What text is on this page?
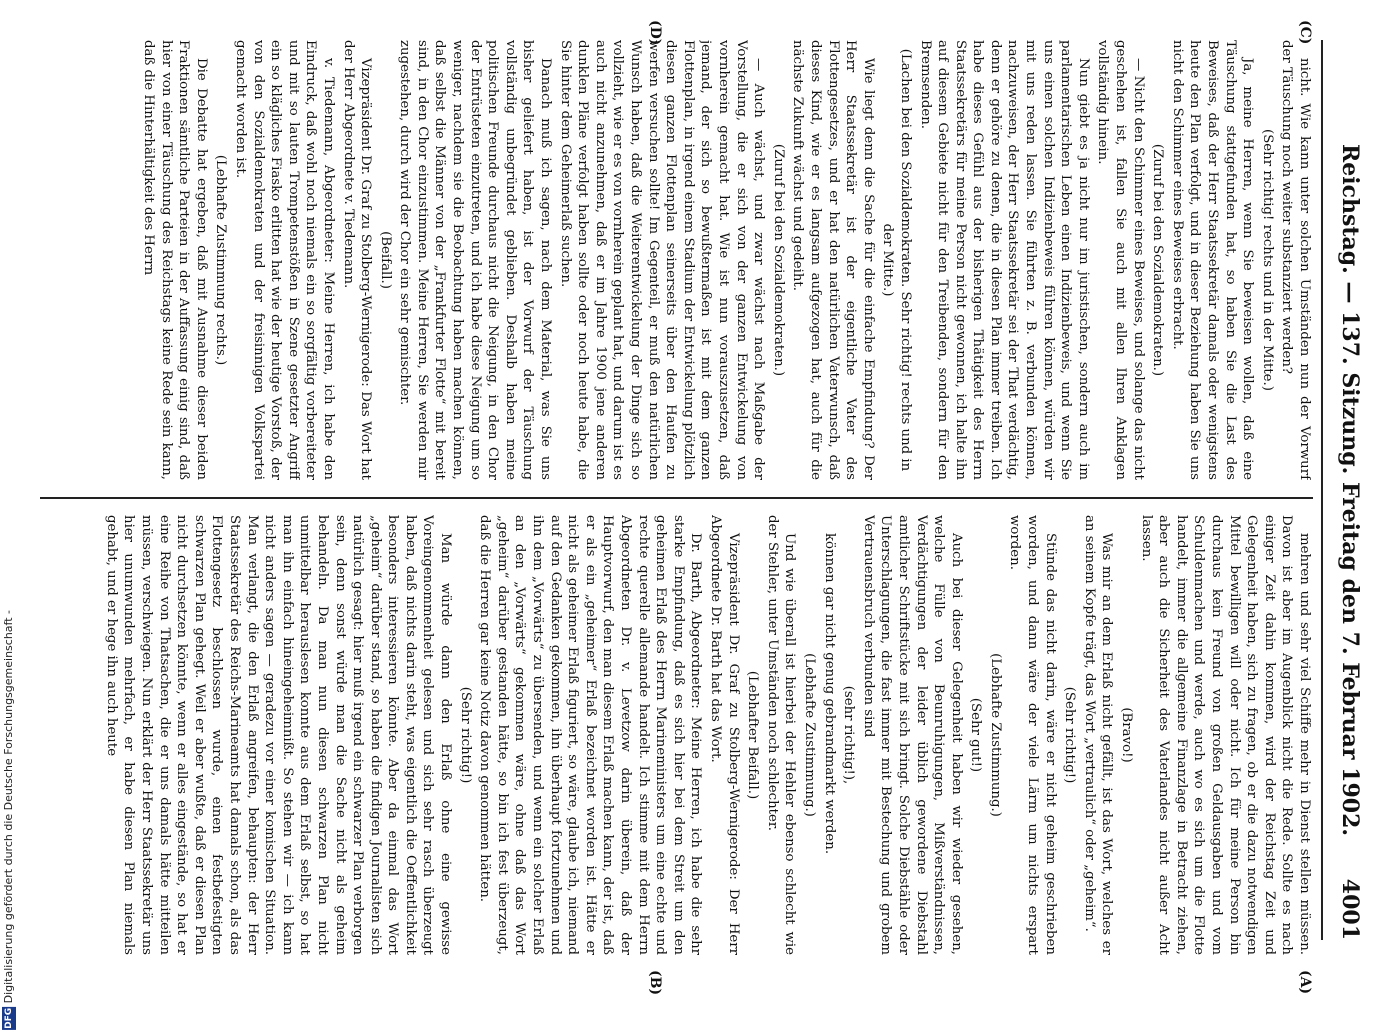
Reichstag. — 137. Sitzung. Freitag den 7. Februar 1902.
4001

nicht. Wie kann unter solchen Umständen nun der Vorwurf der Täuschung noch weiter substanziert werden?

(Sehr richtig! rechts und in der Mitte.)

Ja, meine Herren, wenn Sie beweisen wollen, daß eine Täuschung stattgefunden hat, so haben Sie die Last des Beweises, daß der Herr Staatssekretär damals oder wenigstens heute den Plan verfolgt, und in dieser Beziehung haben Sie uns nicht den Schimmer eines Beweises erbracht.

(Zuruf bei den Sozialdemokraten.)

— Nicht den Schimmer eines Beweises, und solange das nicht geschehen ist, fallen Sie auch mit allen Ihren Anklagen vollständig hinein.

Nun giebt es ja nicht nur im juristischen, sondern auch im parlamentarischen Leben einen Indizienbeweis, und wenn Sie uns einen solchen Indizienbeweis führen können, würden wir mit uns reden lassen. Sie führten z. B. verbunden können, nachzuweisen, der Herr Staatssekretär sei der That verdächtig, denn er gehöre zu denen, die in diesen Plan immer treiben. Ich habe dieses Gefühl aus der bisherigen Thätigkeit des Herrn Staatssekretärs für meine Person nicht gewonnen, ich halte ihn auf diesem Gebiete nicht für den Treibenden, sondern für den Bremsenden.

(Lachen bei den Sozialdemokraten. Sehr richtig! rechts und in der Mitte.)

Wie liegt denn die Sache für die einfache Empfindung? Der Herr Staatssekretär ist der eigentliche Vater des Flottengesetzes, und er hat den natürlichen Vaterwunsch, daß dieses Kind, wie er es langsam aufgezogen hat, auch für die nächste Zukunft wächst und gedeiht.

(Zuruf bei den Sozialdemokraten.)

— Auch wächst, und zwar wächst nach Maßgabe der Vorstellung, die er sich von der ganzen Entwickelung von vornherein gemacht hat. Wie ist nun vorauszusetzen, daß jemand, der sich so bewußtermaßen ist mit dem ganzen Flottenplan, in irgend einem Stadium der Entwickelung plötzlich diesen ganzen Flottenplan seinerseits über den Haufen zu werfen versuchen sollte! Im Gegenteil, er muß den natürlichen Wunsch haben, daß die Weiterentwickelung der Dinge sich so vollzieht, wie er es von vornherein geplant hat, und darum ist es auch nicht anzunehmen, daß er im Jahre 1900 jene anderen dunklen Pläne verfolgt haben sollte oder noch heute habe, die Sie hinter dem Geheimerlaß suchen.

Danach muß ich sagen, nach dem Material, was Sie uns bisher geliefert haben, ist der Vorwurf der Täuschung vollständig unbegründet geblieben. Deshalb haben meine politischen Freunde durchaus nicht die Neigung, in den Chor der Entrüsteten einzutreten, und ich habe diese Neigung um so weniger, nachdem sie die Beobachtung haben machen können, daß selbst die Männer von der „Frankfurter Flotte“ mit bereit sind, in den Chor einzustimmen. Meine Herren, Sie werden mir zugestehen, durch wird der Chor ein sehr gemischter.

(Beifall.)

Vizepräsident Dr. Graf zu Stolberg-Wernigerode: Das Wort hat der Herr Abgeordnete v. Tiedemann.

v. Tiedemann, Abgeordneter: Meine Herren, ich habe den Eindruck, daß wohl noch niemals ein so sorgfältig vorbereiteter und mit so lauten Trompetenstößen in Szene gesetzter Angriff ein so klägliches Fiasko erlitten hat wie der heutige Vorstoß, der von den Sozialdemokraten und der freisinnigen Volkspartei gemacht worden ist.

(Lebhafte Zustimmung rechts.)

Die Debatte hat ergeben, daß mit Ausnahme dieser beiden Fraktionen sämtliche Parteien in der Auffassung einig sind, daß hier von einer Täuschung des Reichstags keine Rede sein kann, daß die Hinterhältigkeit des Herrn

mehren und sehr viel Schiffe mehr in Dienst stellen müssen. Davon ist aber im Augenblick nicht die Rede. Sollte es nach einiger Zeit dahin kommen, wird der Reichstag Zeit und Gelegenheit haben, sich zu fragen, ob er die dazu notwendigen Mittel bewilligen will oder nicht. Ich für meine Person bin durchaus kein Freund von großen Geldausgaben und vom Schuldenmachen und werde, auch wo es sich um die Flotte handelt, immer die allgemeine Finanzlage in Betracht ziehen, aber auch die Sicherheit des Vaterlandes nicht außer Acht lassen.

(Bravo!)

Was mir an dem Erlaß nicht gefällt, ist das Wort, welches er an seinem Kopfe trägt, das Wort „vertraulich“ oder „geheim“.

(Sehr richtig!)

Stünde das nicht darin, wäre er nicht geheim geschrieben worden, und dann wäre der viele Lärm um nichts erspart worden.

(Lebhafte Zustimmung.)

(Sehr gut!)

Auch bei dieser Gelegenheit haben wir wieder gesehen, welche Fülle von Beunruhigungen, Mißverständnissen, Verdächtigungen der leider üblich gewordene Diebstahl amtlicher Schriftstücke mit sich bringt. Solche Diebstähle oder Unterschlagungen, die fast immer mit Bestechung und grobem Vertrauensbruch verbunden sind

(sehr richtig!),

können gar nicht genug gebrandmarkt werden.

(Lebhafte Zustimmung.)

Und wie überall ist hierbei der Hehler ebenso schlecht wie der Stehler, unter Umständen noch schlechter.

(Lebhafter Beifall.)

Vizepräsident Dr. Graf zu Stolberg-Wernigerode: Der Herr Abgeordnete Dr. Barth hat das Wort.

Dr. Barth, Abgeordneter: Meine Herren, ich habe die sehr starke Empfindung, daß es sich hier bei dem Streit um den geheimen Erlaß des Herrn Marineministers um eine echte und rechte querelle allemande handelt. Ich stimme mit dem Herrn Abgeordneten Dr. v. Levetzow darin überein, daß der Hauptvorwurf, den man diesem Erlaß machen kann, der ist, daß er als ein „geheimer“ Erlaß bezeichnet worden ist. Hätte er nicht als geheimer Erlaß figuriert, so wäre, glaube ich, niemand auf den Gedanken gekommen, ihn überhaupt fortzunehmen und ihn dem „Vorwärts“ zu übersenden, und wenn ein solcher Erlaß an den „Vorwärts“ gekommen wäre, ohne daß das Wort „geheim“ darüber gestanden hätte, so bin ich fest überzeugt, daß die Herren gar keine Notiz davon genommen hätten.

(Sehr richtig!)

Man würde dann den Erlaß ohne eine gewisse Voreingenommenheit gelesen und sich sehr rasch überzeugt haben, daß nichts darin steht, was eigentlich die Oeffentlichkeit besonders interessieren könnte. Aber da einmal das Wort „geheim“ darüber stand, so haben die findigen Journalisten sich natürlich gesagt: hier muß irgend ein schwarzer Plan verborgen sein, denn sonst würde man die Sache nicht als geheim behandeln. Da man nun diesen schwarzen Plan nicht unmittelbar herauslesen konnte aus dem Erlaß selbst, so hat man ihn einfach hineingeheimnißt. So stehen wir — ich kann nicht anders sagen — geradezu vor einer komischen Situation. Man verlangt, die den Erlaß angreifen, behaupten: der Herr Staatssekretär des Reichs-Marineamts hat damals schon, als das Flottengesetz beschlossen wurde, einen festbefestigten schwarzen Plan gehegt. Weil er aber wußte, daß er diesen Plan nicht durchsetzen könnte, wenn er alles eingestände, so hat er eine Reihe von Thatsachen, die er uns damals hätte mitteilen müssen, verschwiegen. Nun erklärt der Herr Staatssekretär uns hier unumwunden mehrfach, er habe diesen Plan niemals gehabt, und er hege ihn auch heute

(C)
(D)
(A)
(B)
DFG Digitalisierung gefördert durch die Deutsche Forschungsgemeinschaft -
